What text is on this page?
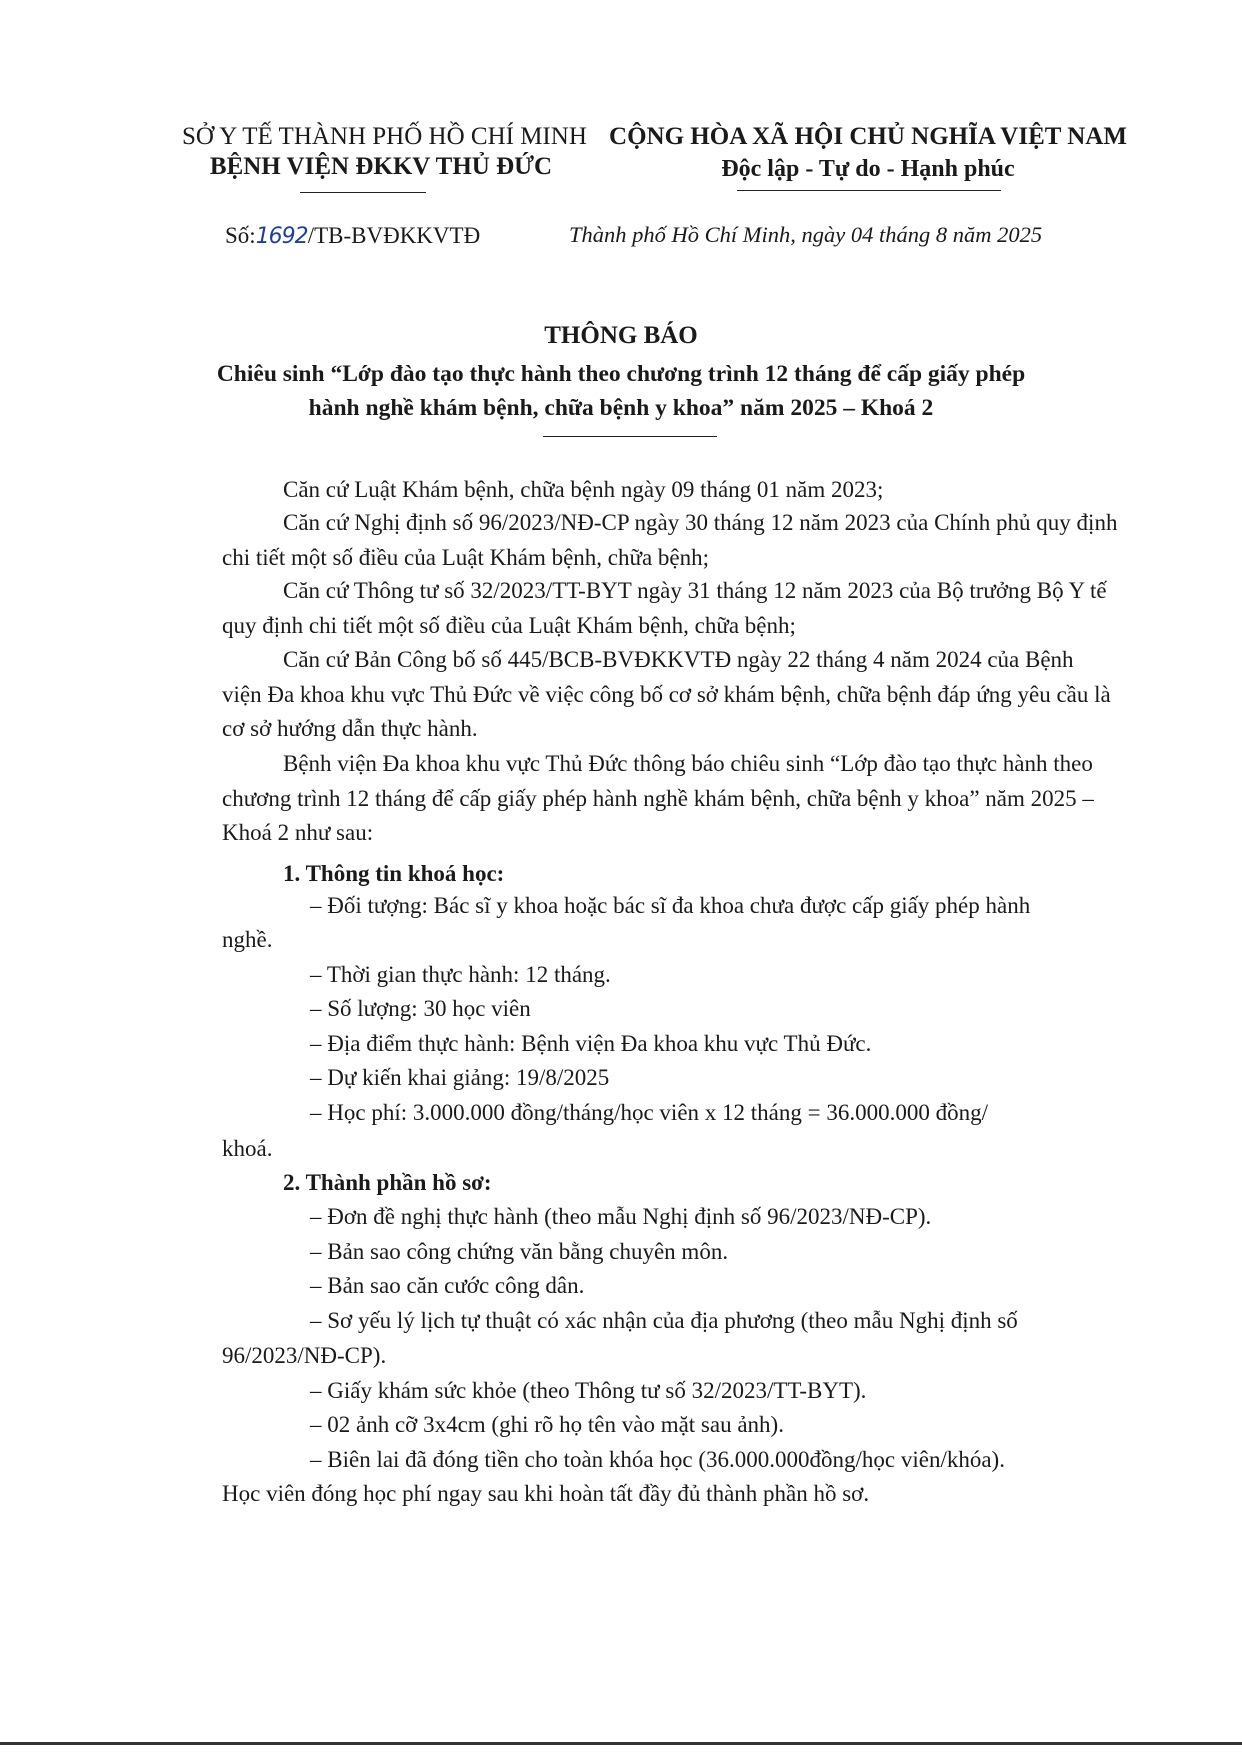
SỞ Y TẾ THÀNH PHỐ HỒ CHÍ MINH
BỆNH VIỆN ĐKKV THỦ ĐỨC
CỘNG HÒA XÃ HỘI CHỦ NGHĨA VIỆT NAM
Độc lập - Tự do - Hạnh phúc
Số:1692/TB-BVĐKKVTĐ	Thành phố Hồ Chí Minh, ngày 04 tháng 8 năm 2025
THÔNG BÁO
Chiêu sinh “Lớp đào tạo thực hành theo chương trình 12 tháng để cấp giấy phép
hành nghề khám bệnh, chữa bệnh y khoa” năm 2025 – Khoá 2
Căn cứ Luật Khám bệnh, chữa bệnh ngày 09 tháng 01 năm 2023;
Căn cứ Nghị định số 96/2023/NĐ-CP ngày 30 tháng 12 năm 2023 của Chính phủ quy định chi tiết một số điều của Luật Khám bệnh, chữa bệnh;
Căn cứ Thông tư số 32/2023/TT-BYT ngày 31 tháng 12 năm 2023 của Bộ trưởng Bộ Y tế quy định chi tiết một số điều của Luật Khám bệnh, chữa bệnh;
Căn cứ Bản Công bố số 445/BCB-BVĐKKVTĐ ngày 22 tháng 4 năm 2024 của Bệnh viện Đa khoa khu vực Thủ Đức về việc công bố cơ sở khám bệnh, chữa bệnh đáp ứng yêu cầu là cơ sở hướng dẫn thực hành.
Bệnh viện Đa khoa khu vực Thủ Đức thông báo chiêu sinh “Lớp đào tạo thực hành theo chương trình 12 tháng để cấp giấy phép hành nghề khám bệnh, chữa bệnh y khoa” năm 2025 – Khoá 2 như sau:
1. Thông tin khoá học:
– Đối tượng: Bác sĩ y khoa hoặc bác sĩ đa khoa chưa được cấp giấy phép hành
nghề.
– Thời gian thực hành: 12 tháng.
– Số lượng: 30 học viên
– Địa điểm thực hành: Bệnh viện Đa khoa khu vực Thủ Đức.
– Dự kiến khai giảng: 19/8/2025
– Học phí: 3.000.000 đồng/tháng/học viên x 12 tháng = 36.000.000 đồng/
khoá.
2. Thành phần hồ sơ:
– Đơn đề nghị thực hành (theo mẫu Nghị định số 96/2023/NĐ-CP).
– Bản sao công chứng văn bằng chuyên môn.
– Bản sao căn cước công dân.
– Sơ yếu lý lịch tự thuật có xác nhận của địa phương (theo mẫu Nghị định số
96/2023/NĐ-CP).
– Giấy khám sức khỏe (theo Thông tư số 32/2023/TT-BYT).
– 02 ảnh cỡ 3x4cm (ghi rõ họ tên vào mặt sau ảnh).
– Biên lai đã đóng tiền cho toàn khóa học (36.000.000đồng/học viên/khóa).
Học viên đóng học phí ngay sau khi hoàn tất đầy đủ thành phần hồ sơ.
